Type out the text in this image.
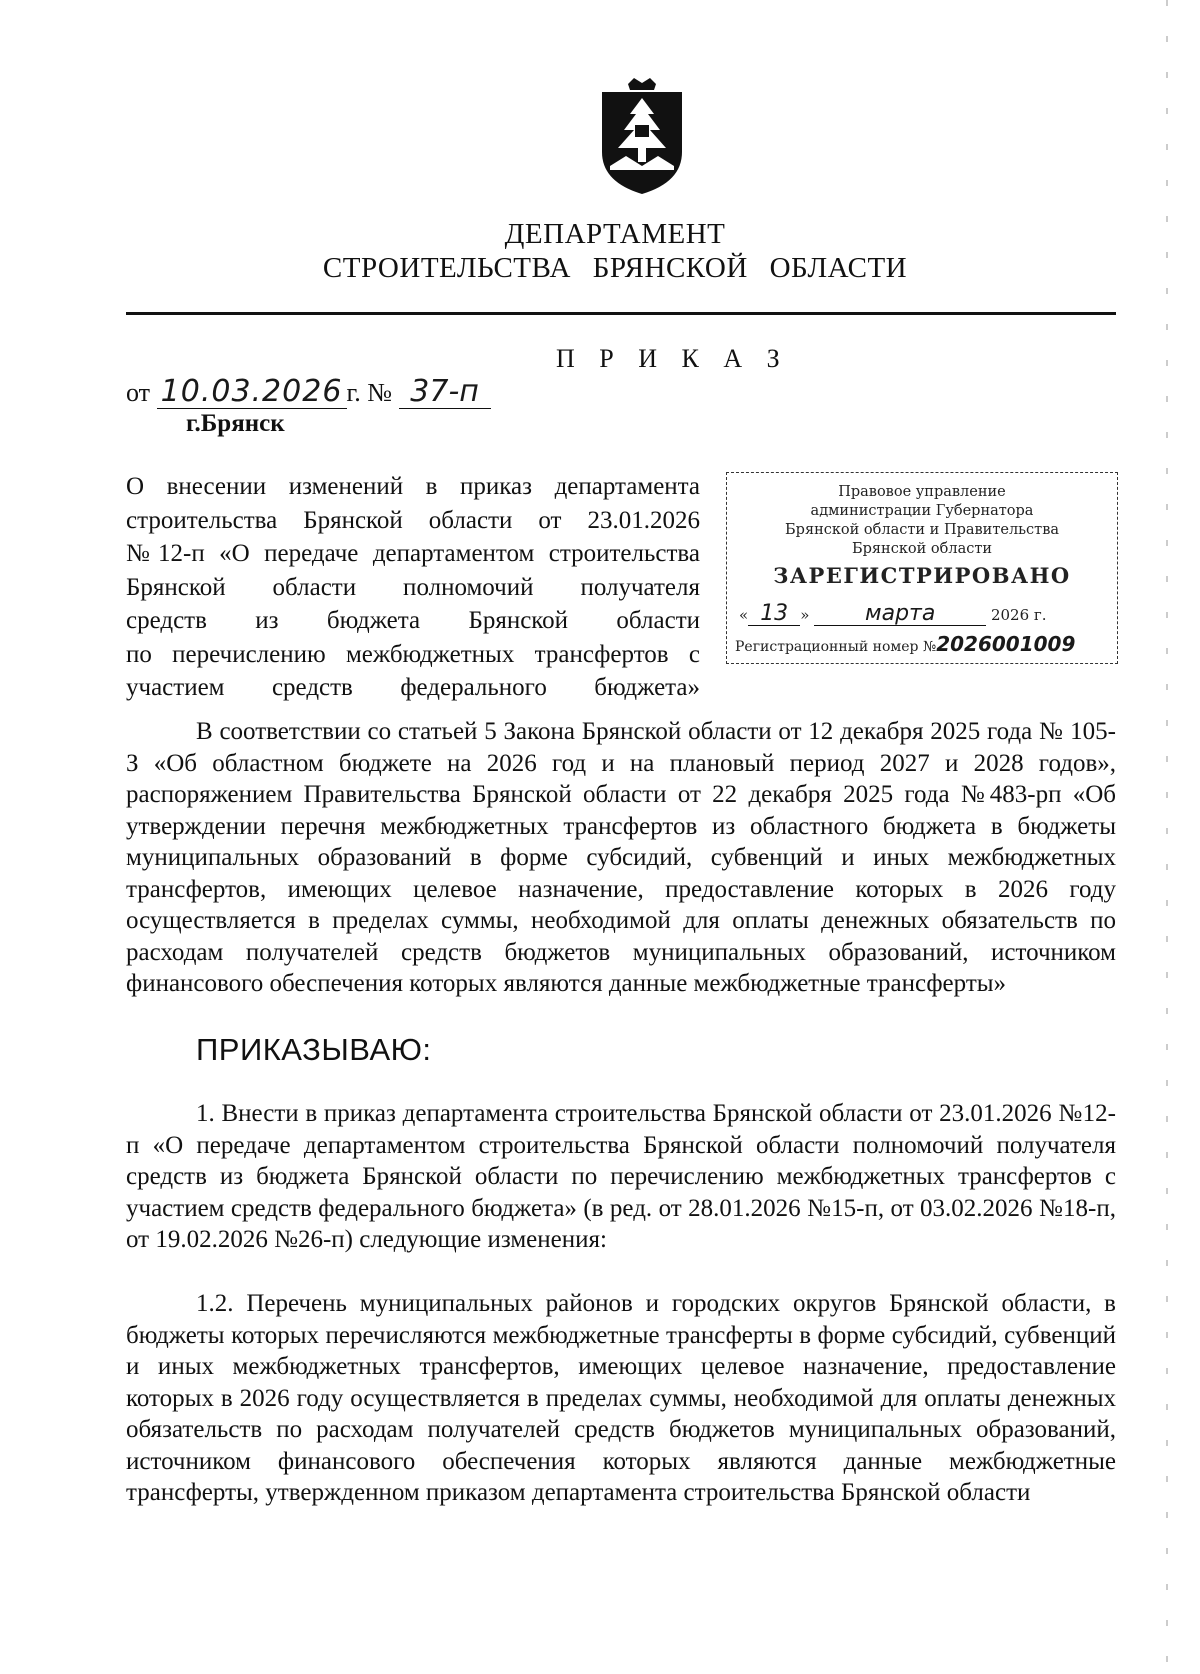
ДЕПАРТАМЕНТ
СТРОИТЕЛЬСТВА БРЯНСКОЙ ОБЛАСТИ
П Р И К А З
от 10.03.2026 г. № 37-п
г.Брянск
О внесении изменений в приказ департамента
строительства Брянской области от 23.01.2026
№12-п «О передаче департаментом строительства
Брянской области полномочий получателя
средств из бюджета Брянской области
по перечислению межбюджетных трансфертов с
участием средств федерального бюджета»
Правовое управление
администрации Губернатора
Брянской области и Правительства
Брянской области
ЗАРЕГИСТРИРОВАНО
« 13 »	марта	2026 г.
Регистрационный номер №2026001009
В соответствии со статьей 5 Закона Брянской области от 12 декабря 2025 года № 105-З «Об областном бюджете на 2026 год и на плановый период 2027 и 2028 годов», распоряжением Правительства Брянской области от 22 декабря 2025 года №483-рп «Об утверждении перечня межбюджетных трансфертов из областного бюджета в бюджеты муниципальных образований в форме субсидий, субвенций и иных межбюджетных трансфертов, имеющих целевое назначение, предоставление которых в 2026 году осуществляется в пределах суммы, необходимой для оплаты денежных обязательств по расходам получателей средств бюджетов муниципальных образований, источником финансового обеспечения которых являются данные межбюджетные трансферты»
ПРИКАЗЫВАЮ:
1. Внести в приказ департамента строительства Брянской области от 23.01.2026 №12-п «О передаче департаментом строительства Брянской области полномочий получателя средств из бюджета Брянской области по перечислению межбюджетных трансфертов с участием средств федерального бюджета» (в ред. от 28.01.2026 №15-п, от 03.02.2026 №18-п, от 19.02.2026 №26-п) следующие изменения:
1.2. Перечень муниципальных районов и городских округов Брянской области, в бюджеты которых перечисляются межбюджетные трансферты в форме субсидий, субвенций и иных межбюджетных трансфертов, имеющих целевое назначение, предоставление которых в 2026 году осуществляется в пределах суммы, необходимой для оплаты денежных обязательств по расходам получателей средств бюджетов муниципальных образований, источником финансового обеспечения которых являются данные межбюджетные трансферты, утвержденном приказом департамента строительства Брянской области
